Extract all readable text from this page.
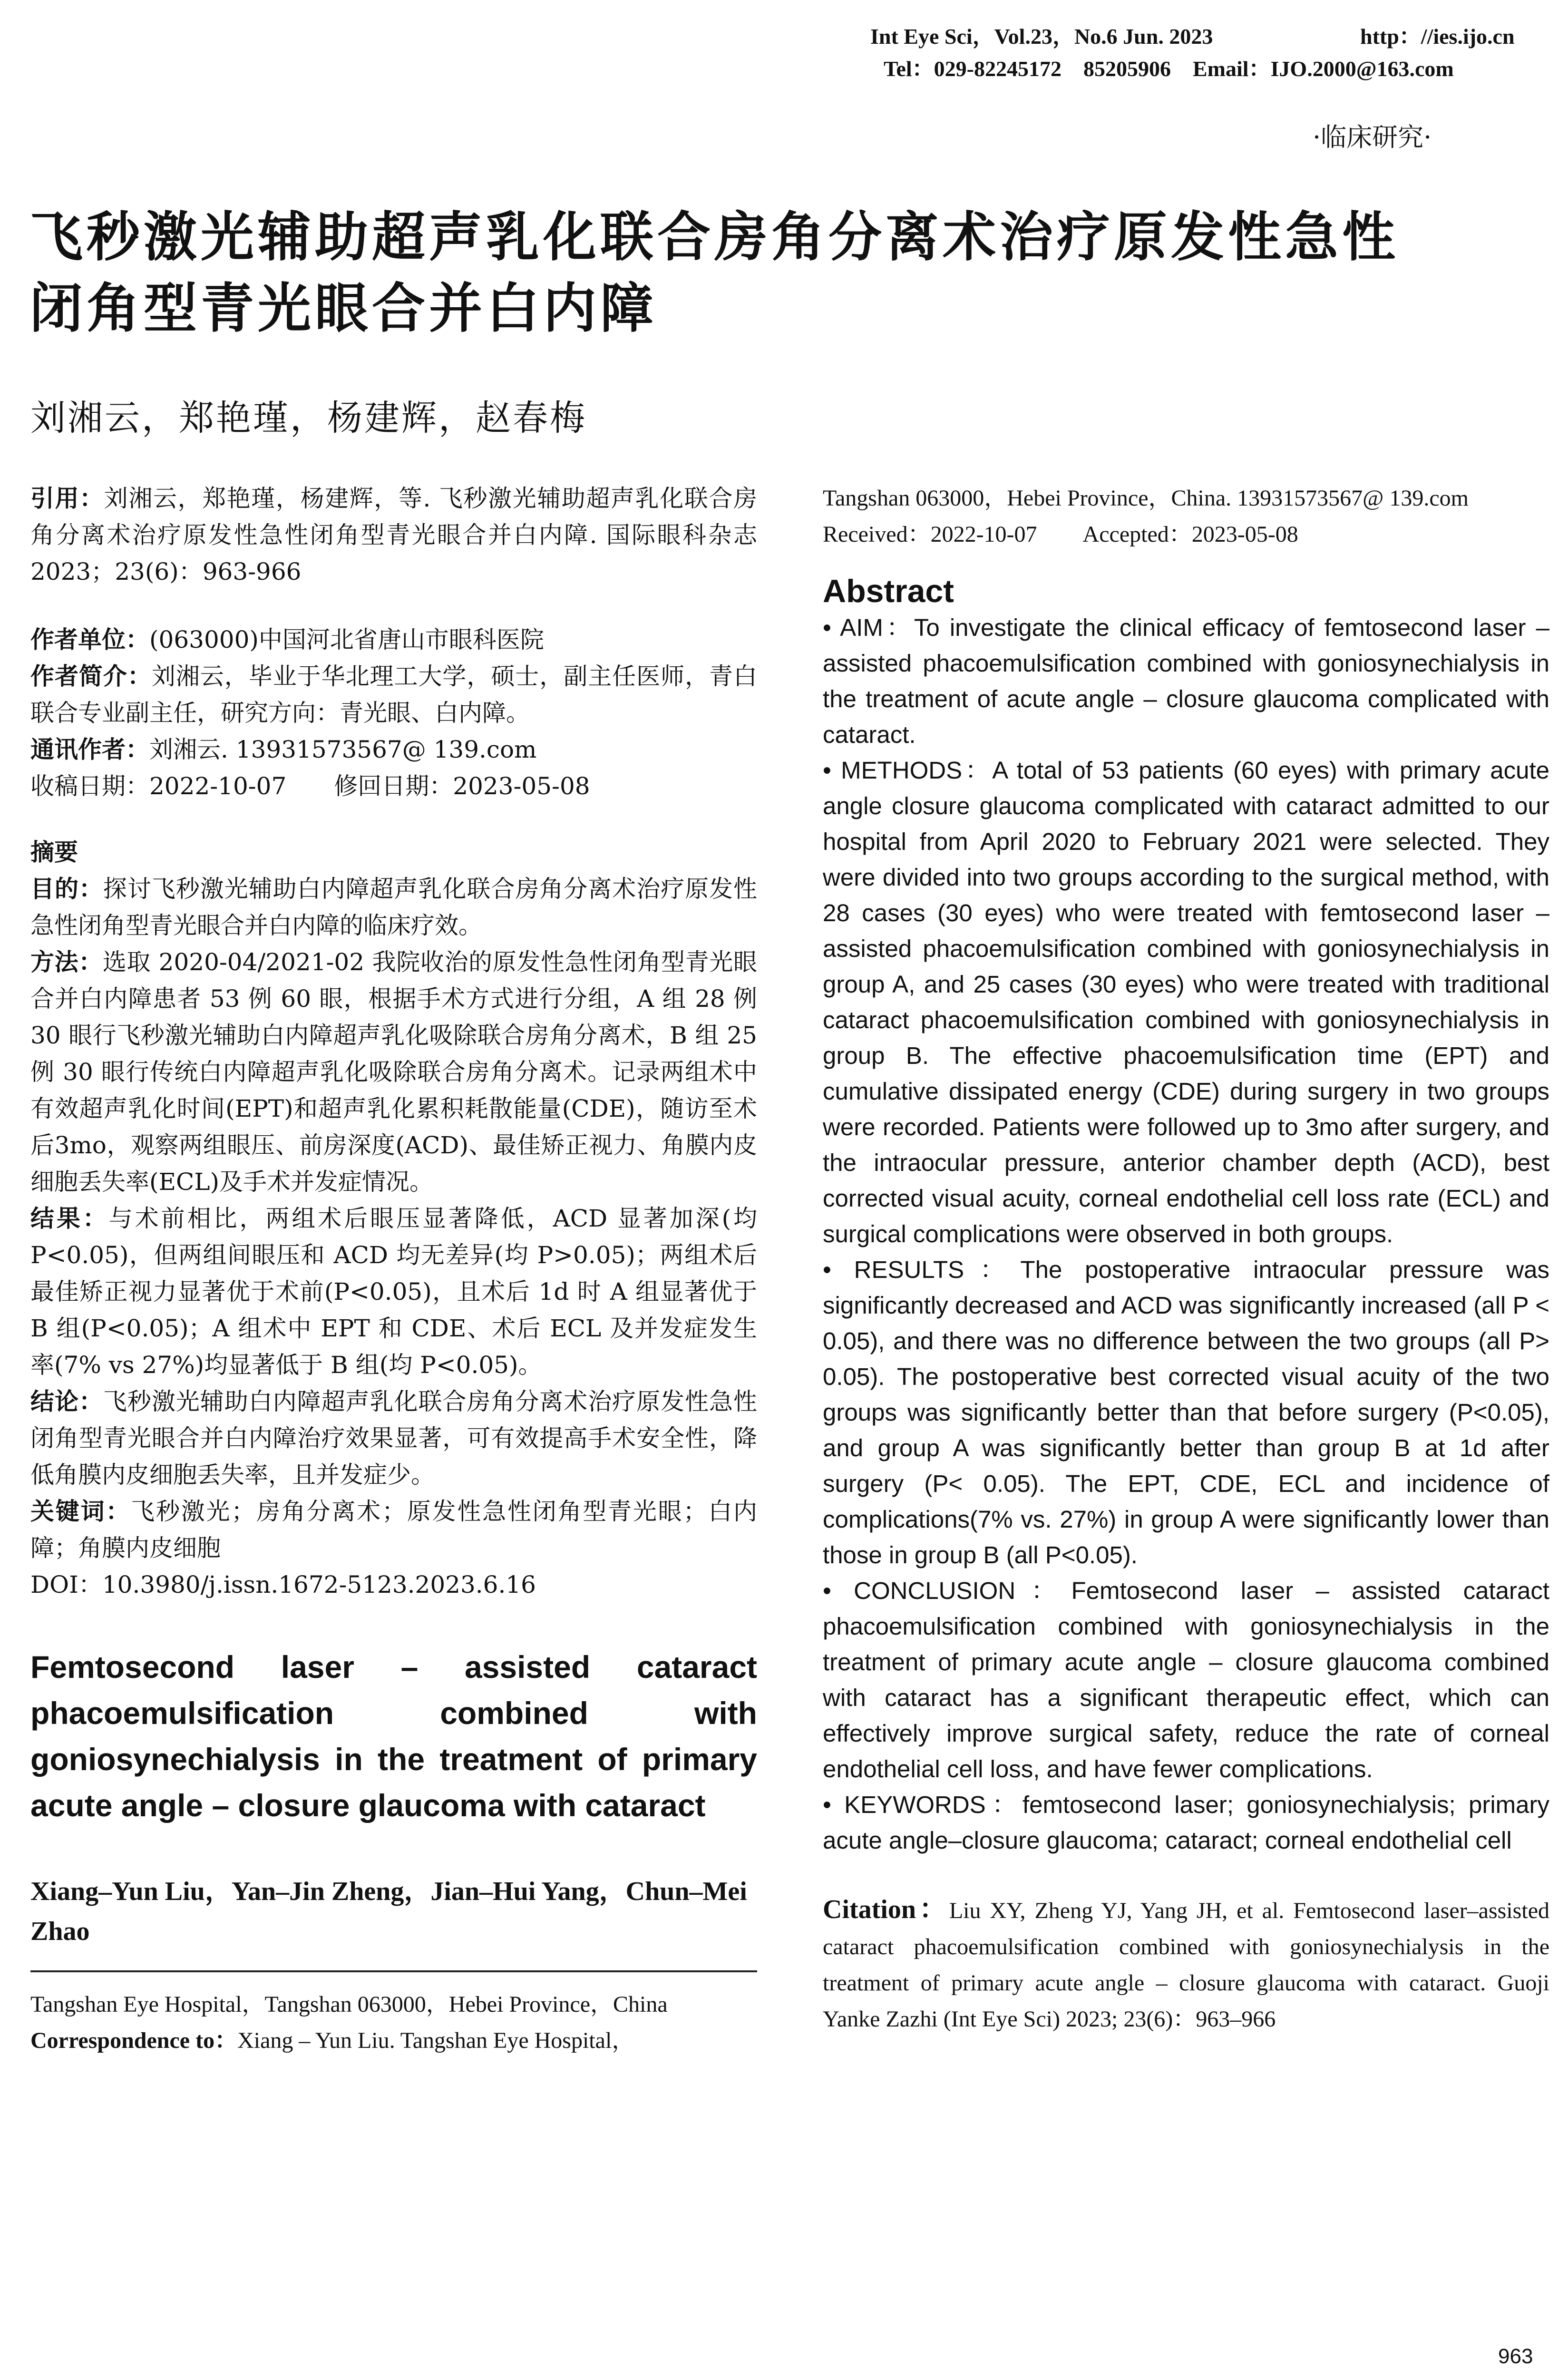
Int Eye Sci，Vol.23，No.6 Jun. 2023	http：//ies.ijo.cn
Tel：029-82245172　85205906　Email：IJO.2000@163.com
·临床研究·
飞秒激光辅助超声乳化联合房角分离术治疗原发性急性
闭角型青光眼合并白内障
刘湘云，郑艳瑾，杨建辉，赵春梅
引用：刘湘云，郑艳瑾，杨建辉，等. 飞秒激光辅助超声乳化联合房角分离术治疗原发性急性闭角型青光眼合并白内障. 国际眼科杂志 2023；23(6)：963-966
作者单位：(063000)中国河北省唐山市眼科医院
作者简介：刘湘云，毕业于华北理工大学，硕士，副主任医师，青白联合专业副主任，研究方向：青光眼、白内障。
通讯作者：刘湘云. 13931573567@ 139.com
收稿日期：2022-10-07　　修回日期：2023-05-08
摘要
目的：探讨飞秒激光辅助白内障超声乳化联合房角分离术治疗原发性急性闭角型青光眼合并白内障的临床疗效。
方法：选取 2020-04/2021-02 我院收治的原发性急性闭角型青光眼合并白内障患者 53 例 60 眼，根据手术方式进行分组，A 组 28 例 30 眼行飞秒激光辅助白内障超声乳化吸除联合房角分离术，B 组 25 例 30 眼行传统白内障超声乳化吸除联合房角分离术。记录两组术中有效超声乳化时间(EPT)和超声乳化累积耗散能量(CDE)，随访至术后3mo，观察两组眼压、前房深度(ACD)、最佳矫正视力、角膜内皮细胞丢失率(ECL)及手术并发症情况。
结果：与术前相比，两组术后眼压显著降低，ACD 显著加深(均 P<0.05)，但两组间眼压和 ACD 均无差异(均 P>0.05)；两组术后最佳矫正视力显著优于术前(P<0.05)，且术后 1d 时 A 组显著优于 B 组(P<0.05)；A 组术中 EPT 和 CDE、术后 ECL 及并发症发生率(7% vs 27%)均显著低于 B 组(均 P<0.05)。
结论：飞秒激光辅助白内障超声乳化联合房角分离术治疗原发性急性闭角型青光眼合并白内障治疗效果显著，可有效提高手术安全性，降低角膜内皮细胞丢失率，且并发症少。
关键词：飞秒激光；房角分离术；原发性急性闭角型青光眼；白内障；角膜内皮细胞
DOI：10.3980/j.issn.1672-5123.2023.6.16
Femtosecond laser – assisted cataract phacoemulsification combined with goniosynechialysis in the treatment of primary acute angle – closure glaucoma with cataract
Xiang–Yun Liu，Yan–Jin Zheng，Jian–Hui Yang，Chun–Mei Zhao
Tangshan Eye Hospital，Tangshan 063000，Hebei Province，China
Correspondence to：Xiang – Yun Liu. Tangshan Eye Hospital，
Tangshan 063000，Hebei Province，China. 13931573567@ 139.com
Received：2022-10-07　　Accepted：2023-05-08
Abstract
• AIM：To investigate the clinical efficacy of femtosecond laser – assisted phacoemulsification combined with goniosynechialysis in the treatment of acute angle – closure glaucoma complicated with cataract.
• METHODS：A total of 53 patients (60 eyes) with primary acute angle closure glaucoma complicated with cataract admitted to our hospital from April 2020 to February 2021 were selected. They were divided into two groups according to the surgical method, with 28 cases (30 eyes) who were treated with femtosecond laser – assisted phacoemulsification combined with goniosynechialysis in group A, and 25 cases (30 eyes) who were treated with traditional cataract phacoemulsification combined with goniosynechialysis in group B. The effective phacoemulsification time (EPT) and cumulative dissipated energy (CDE) during surgery in two groups were recorded. Patients were followed up to 3mo after surgery, and the intraocular pressure, anterior chamber depth (ACD), best corrected visual acuity, corneal endothelial cell loss rate (ECL) and surgical complications were observed in both groups.
• RESULTS：The postoperative intraocular pressure was significantly decreased and ACD was significantly increased (all P < 0.05), and there was no difference between the two groups (all P> 0.05). The postoperative best corrected visual acuity of the two groups was significantly better than that before surgery (P<0.05), and group A was significantly better than group B at 1d after surgery (P< 0.05). The EPT, CDE, ECL and incidence of complications(7% vs. 27%) in group A were significantly lower than those in group B (all P<0.05).
• CONCLUSION：Femtosecond laser – assisted cataract phacoemulsification combined with goniosynechialysis in the treatment of primary acute angle – closure glaucoma combined with cataract has a significant therapeutic effect, which can effectively improve surgical safety, reduce the rate of corneal endothelial cell loss, and have fewer complications.
• KEYWORDS：femtosecond laser; goniosynechialysis; primary acute angle–closure glaucoma; cataract; corneal endothelial cell
Citation：Liu XY, Zheng YJ, Yang JH, et al. Femtosecond laser–assisted cataract phacoemulsification combined with goniosynechialysis in the treatment of primary acute angle – closure glaucoma with cataract. Guoji Yanke Zazhi (Int Eye Sci) 2023; 23(6)：963–966
963
